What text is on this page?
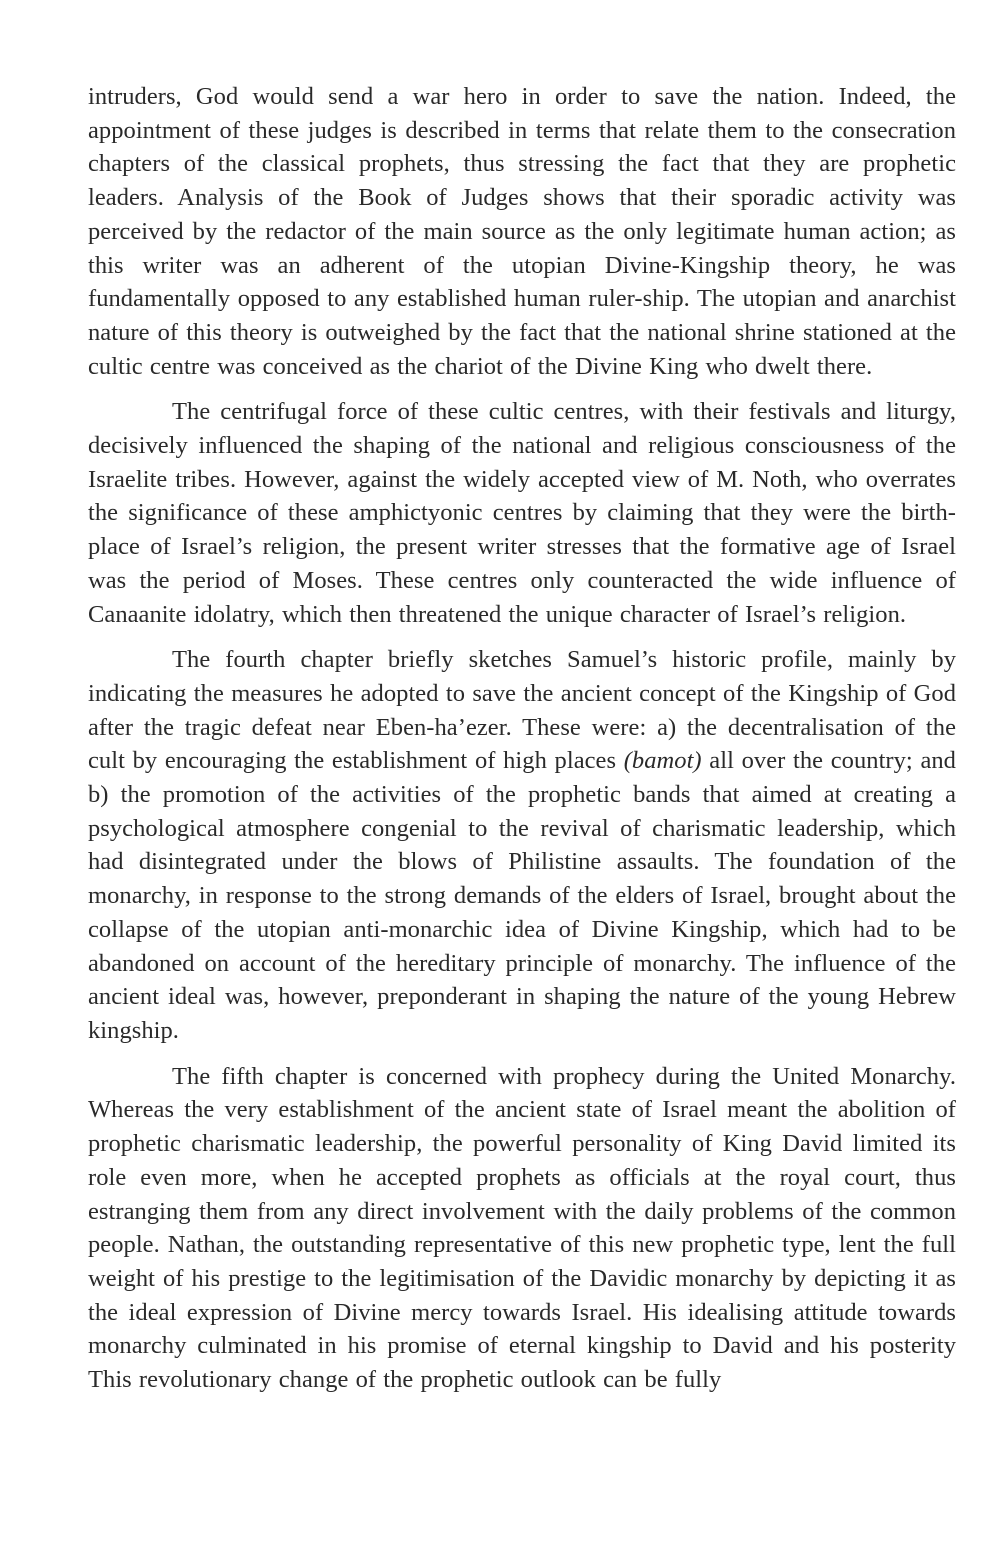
intruders, God would send a war hero in order to save the nation. Indeed, the appointment of these judges is described in terms that relate them to the consecration chapters of the classical prophets, thus stressing the fact that they are prophetic leaders. Analysis of the Book of Judges shows that their sporadic activity was perceived by the redactor of the main source as the only legitimate human action; as this writer was an adherent of the utopian Divine-Kingship theory, he was fundamentally opposed to any established human ruler-ship. The utopian and anarchist nature of this theory is outweighed by the fact that the national shrine stationed at the cultic centre was conceived as the chariot of the Divine King who dwelt there.

The centrifugal force of these cultic centres, with their festivals and liturgy, decisively influenced the shaping of the national and religious consciousness of the Israelite tribes. However, against the widely accepted view of M. Noth, who overrates the significance of these amphictyonic centres by claiming that they were the birth-place of Israel’s religion, the present writer stresses that the formative age of Israel was the period of Moses. These centres only counteracted the wide influence of Canaanite idolatry, which then threatened the unique character of Israel’s religion.

The fourth chapter briefly sketches Samuel’s historic profile, mainly by indicating the measures he adopted to save the ancient concept of the Kingship of God after the tragic defeat near Eben-ha’ezer. These were: a) the decentralisation of the cult by encouraging the establishment of high places (bamot) all over the country; and b) the promotion of the activities of the prophetic bands that aimed at creating a psychological atmosphere congenial to the revival of charismatic leadership, which had disintegrated under the blows of Philistine assaults. The foundation of the monarchy, in response to the strong demands of the elders of Israel, brought about the collapse of the utopian anti-monarchic idea of Divine Kingship, which had to be abandoned on account of the hereditary principle of monarchy. The influence of the ancient ideal was, however, preponderant in shaping the nature of the young Hebrew kingship.

The fifth chapter is concerned with prophecy during the United Monarchy. Whereas the very establishment of the ancient state of Israel meant the abolition of prophetic charismatic leadership, the powerful personality of King David limited its role even more, when he accepted prophets as officials at the royal court, thus estranging them from any direct involvement with the daily problems of the common people. Nathan, the outstanding representative of this new prophetic type, lent the full weight of his prestige to the legitimisation of the Davidic monarchy by depicting it as the ideal expression of Divine mercy towards Israel. His idealising attitude towards monarchy culminated in his promise of eternal kingship to David and his posterity This revolutionary change of the prophetic outlook can be fully
